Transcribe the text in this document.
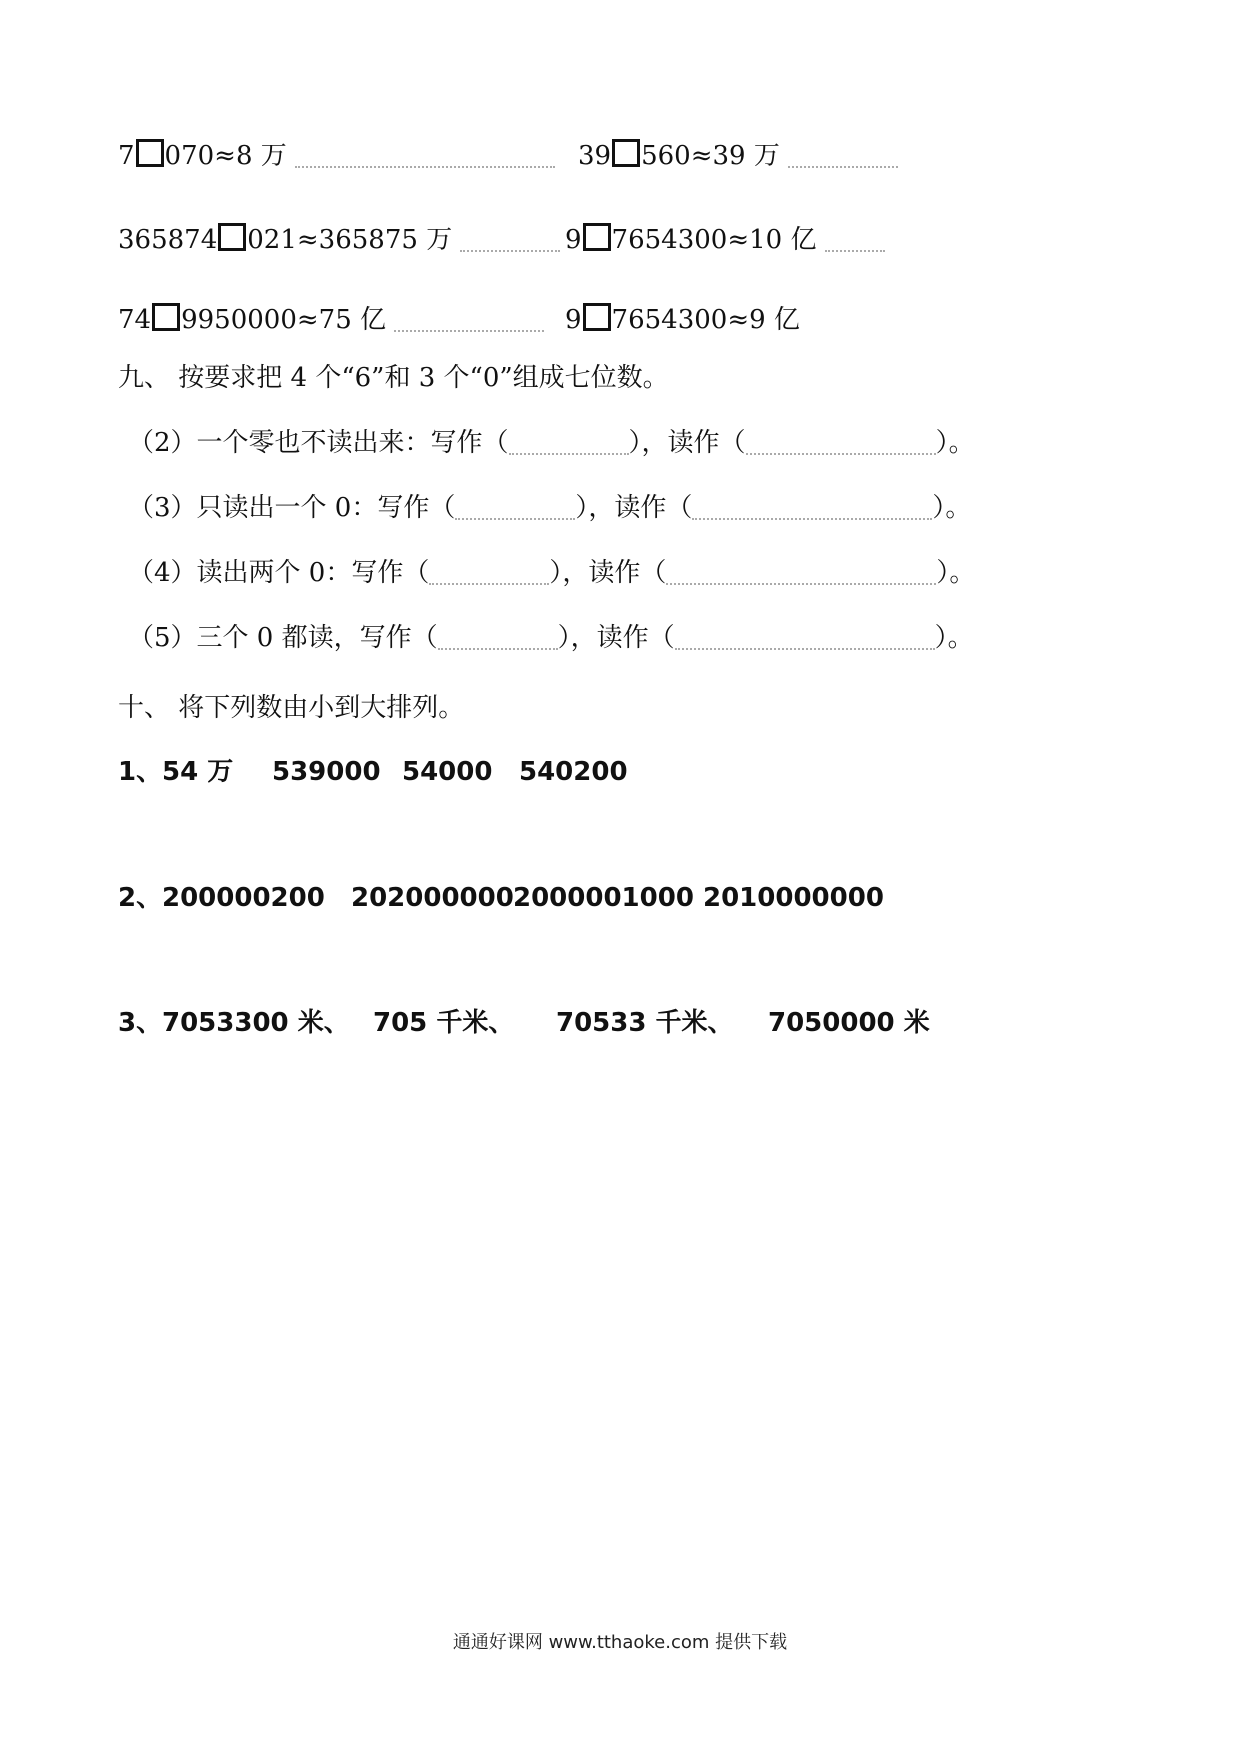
7 070≈8 万	39 560≈39 万
365874 021≈365875 万	9 7654300≈10 亿
74 9950000≈75 亿	9 7654300≈9 亿
九、 按要求把 4 个“6”和 3 个“0”组成七位数。
（2）一个零也不读出来：写作（	），读作（	）。
（3）只读出一个 0：写作（	），读作（	）。
（4）读出两个 0：写作（	），读作（	）。
（5）三个 0 都读，写作（	），读作（	）。
十、 将下列数由小到大排列。
1、 54 万 539000 54000 540200
2、 200000200 202000000 2000001000 2010000000
3、 7053300 米、 705 千米、 70533 千米、 7050000 米
通通好课网 www.tthaoke.com 提供下载
